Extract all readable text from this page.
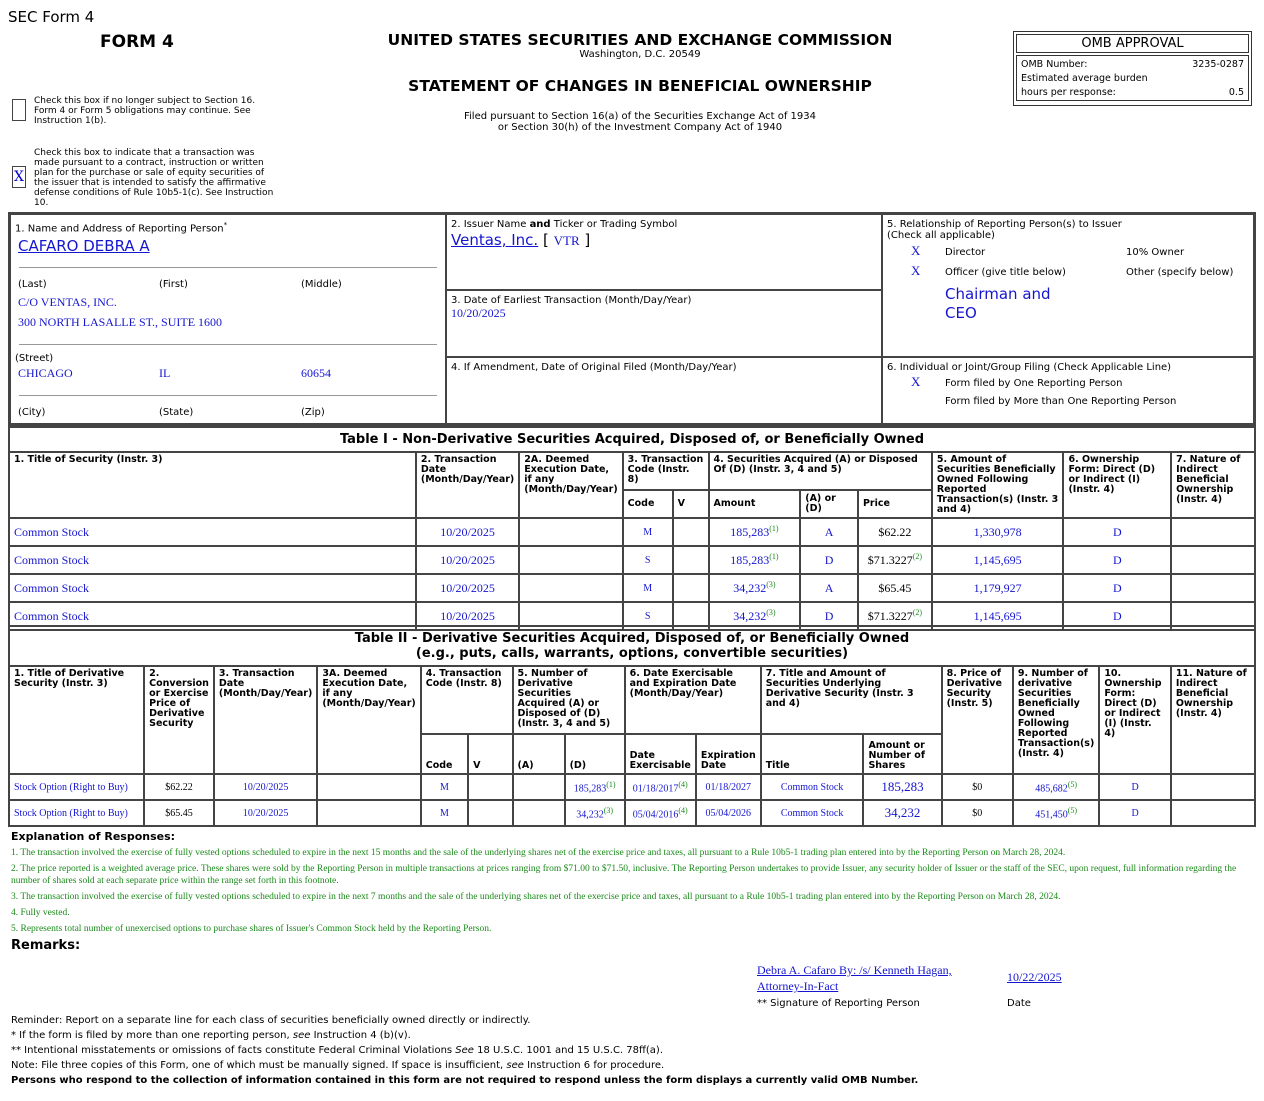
SEC Form 4
FORM 4	UNITED STATES SECURITIES AND EXCHANGE COMMISSION
Washington, D.C. 20549
STATEMENT OF CHANGES IN BENEFICIAL OWNERSHIP
Filed pursuant to Section 16(a) of the Securities Exchange Act of 1934
or Section 30(h) of the Investment Company Act of 1940
OMB APPROVAL
OMB Number:	3235-0287
Estimated average burden
hours per response:	0.5
Check this box if no longer subject to Section 16. Form 4 or Form 5 obligations may continue. See Instruction 1(b).
X
Check this box to indicate that a transaction was made pursuant to a contract, instruction or written plan for the purchase or sale of equity securities of the issuer that is intended to satisfy the affirmative defense conditions of Rule 10b5-1(c). See Instruction 10.
1. Name and Address of Reporting Person*
CAFARO DEBRA A
(Last)	(First)	(Middle)
C/O VENTAS, INC.
300 NORTH LASALLE ST., SUITE 1600
(Street)
CHICAGO	IL	60654
(City)	(State)	(Zip)
2. Issuer Name and Ticker or Trading Symbol
Ventas, Inc. [ VTR ]
3. Date of Earliest Transaction (Month/Day/Year)
10/20/2025
4. If Amendment, Date of Original Filed (Month/Day/Year)
5. Relationship of Reporting Person(s) to Issuer
(Check all applicable)
X Director	10% Owner
X Officer (give title below)	Other (specify below)
Chairman and
CEO
6. Individual or Joint/Group Filing (Check Applicable Line)
X Form filed by One Reporting Person
Form filed by More than One Reporting Person
Table I - Non-Derivative Securities Acquired, Disposed of, or Beneficially Owned										
1. Title of Security (Instr. 3)	2. Transaction Date (Month/Day/Year)	2A. Deemed Execution Date, if any (Month/Day/Year)	3. Transaction Code (Instr. 8)		4. Securities Acquired (A) or Disposed Of (D) (Instr. 3, 4 and 5)			5. Amount of Securities Beneficially Owned Following Reported Transaction(s) (Instr. 3 and 4)	6. Ownership Form: Direct (D) or Indirect (I) (Instr. 4)	7. Nature of Indirect Beneficial Ownership (Instr. 4)
			Code	V	Amount	(A) or (D)	Price			
Common Stock	10/20/2025		M		185,283$^{(1)}$	A	$62.22	1,330,978	D	
Common Stock	10/20/2025		S		185,283$^{(1)}$	D	$71.3227$^{(2)}$	1,145,695	D	
Common Stock	10/20/2025		M		34,232$^{(3)}$	A	$65.45	1,179,927	D	
Common Stock	10/20/2025		S		34,232$^{(3)}$	D	$71.3227$^{(2)}$	1,145,695	D	
Table II - Derivative Securities Acquired, Disposed of, or Beneficially Owned
(e.g., puts, calls, warrants, options, convertible securities)															

1. Title of Derivative Security (Instr. 3)	2. Conversion or Exercise Price of Derivative Security	3. Transaction Date (Month/Day/Year)	3A. Deemed Execution Date, if any (Month/Day/Year)	4. Transaction Code (Instr. 8)		5. Number of Derivative Securities Acquired (A) or Disposed of (D) (Instr. 3, 4 and 5)		6. Date Exercisable and Expiration Date (Month/Day/Year)		7. Title and Amount of Securities Underlying Derivative Security (Instr. 3 and 4)		8. Price of Derivative Security (Instr. 5)	9. Number of derivative Securities Beneficially Owned Following Reported Transaction(s) (Instr. 4)	10. Ownership Form: Direct (D) or Indirect (I) (Instr. 4)	11. Nature of Indirect Beneficial Ownership (Instr. 4)
				Code	V	(A)	(D)	Date Exercisable	Expiration Date	Title	Amount or Number of Shares				
Stock Option (Right to Buy)	$62.22	10/20/2025		M			185,283$^{(1)}$	01/18/2017$^{(4)}$	01/18/2027	Common Stock	185,283	$0	485,682$^{(5)}$	D	
Stock Option (Right to Buy)	$65.45	10/20/2025		M			34,232$^{(3)}$	05/04/2016$^{(4)}$	05/04/2026	Common Stock	34,232	$0	451,450$^{(5)}$	D	
Explanation of Responses:
1. The transaction involved the exercise of fully vested options scheduled to expire in the next 15 months and the sale of the underlying shares net of the exercise price and taxes, all pursuant to a Rule 10b5-1 trading plan entered into by the Reporting Person on March 28, 2024.
2. The price reported is a weighted average price. These shares were sold by the Reporting Person in multiple transactions at prices ranging from $71.00 to $71.50, inclusive. The Reporting Person undertakes to provide Issuer, any security holder of Issuer or the staff of the SEC, upon request, full information regarding the number of shares sold at each separate price within the range set forth in this footnote.
3. The transaction involved the exercise of fully vested options scheduled to expire in the next 7 months and the sale of the underlying shares net of the exercise price and taxes, all pursuant to a Rule 10b5-1 trading plan entered into by the Reporting Person on March 28, 2024.
4. Fully vested.
5. Represents total number of unexercised options to purchase shares of Issuer's Common Stock held by the Reporting Person.
Remarks:
Debra A. Cafaro By: /s/ Kenneth Hagan, Attorney-In-Fact
10/22/2025
** Signature of Reporting Person	Date
Reminder: Report on a separate line for each class of securities beneficially owned directly or indirectly.
* If the form is filed by more than one reporting person, see Instruction 4 (b)(v).
** Intentional misstatements or omissions of facts constitute Federal Criminal Violations See 18 U.S.C. 1001 and 15 U.S.C. 78ff(a).
Note: File three copies of this Form, one of which must be manually signed. If space is insufficient, see Instruction 6 for procedure.
Persons who respond to the collection of information contained in this form are not required to respond unless the form displays a currently valid OMB Number.
